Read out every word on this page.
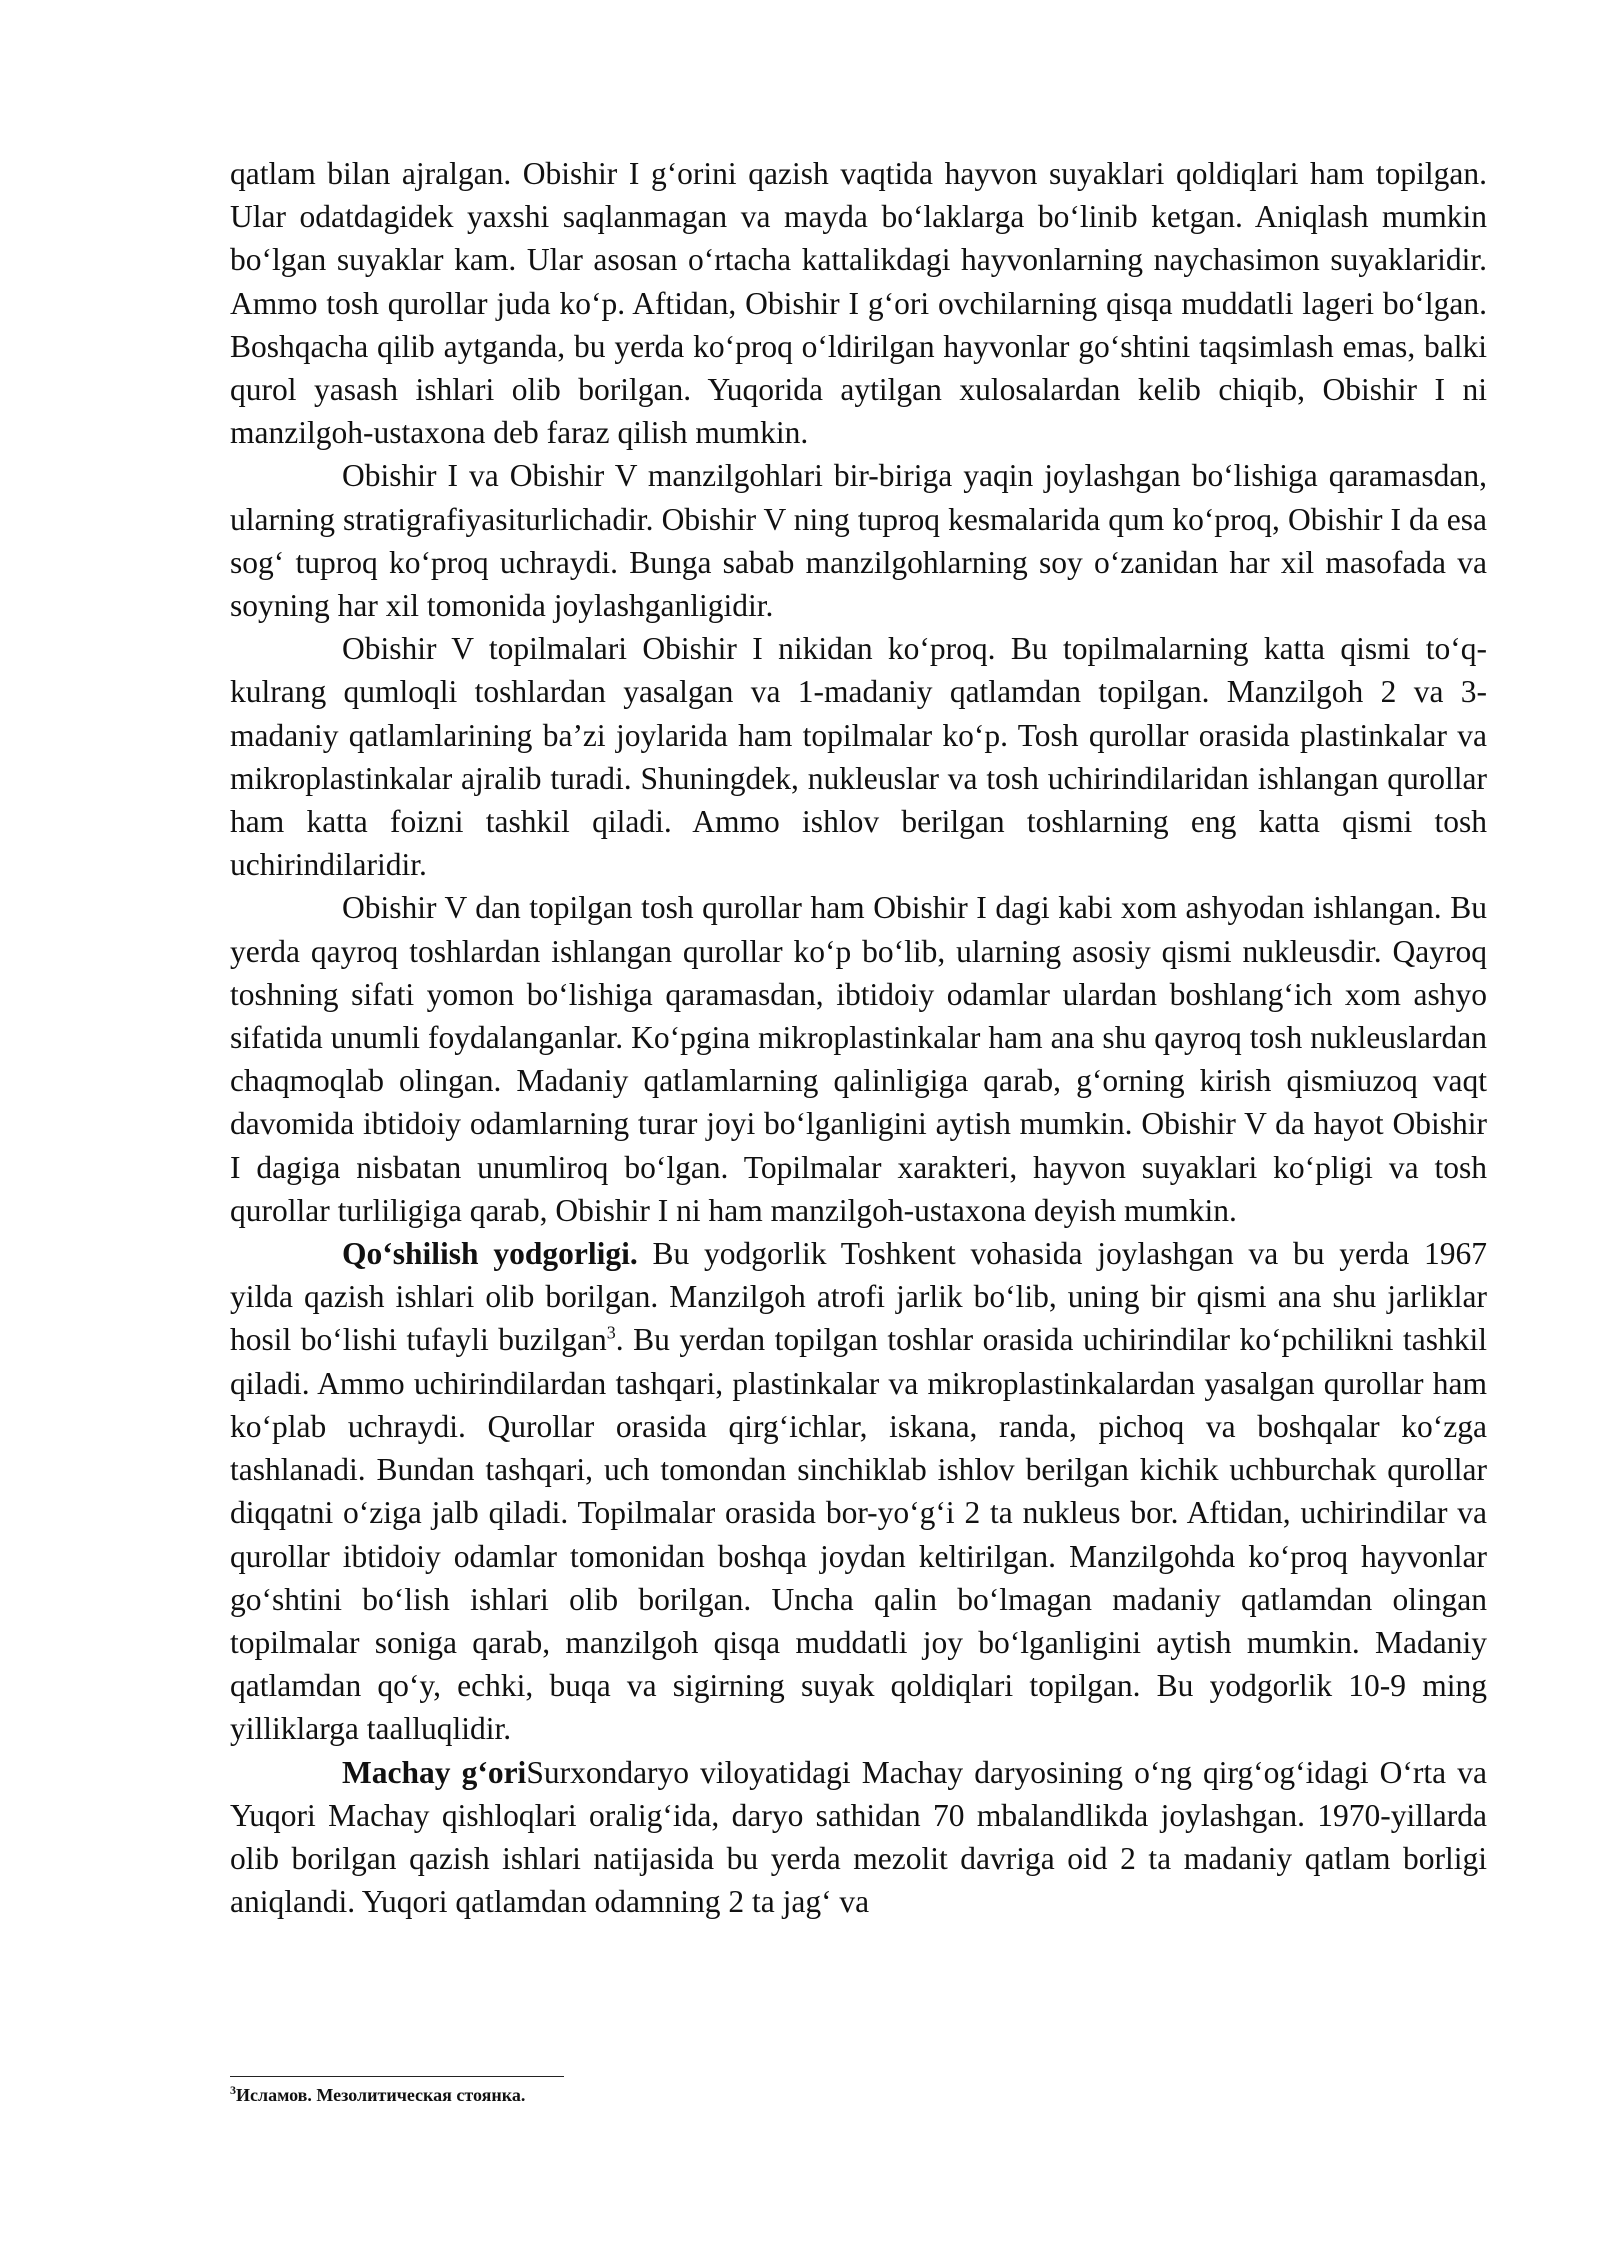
qatlam bilan ajralgan. Obishir I g‘orini qazish vaqtida hayvon suyaklari qoldiqlari ham topilgan. Ular odatdagidek yaxshi saqlanmagan va mayda bo‘laklarga bo‘linib ketgan. Aniqlash mumkin bo‘lgan suyaklar kam. Ular asosan o‘rtacha kattalikdagi hayvonlarning naychasimon suyaklaridir. Ammo tosh qurollar juda ko‘p. Aftidan, Obishir I g‘ori ovchilarning qisqa muddatli lageri bo‘lgan. Boshqacha qilib aytganda, bu yerda ko‘proq o‘ldirilgan hayvonlar go‘shtini taqsimlash emas, balki qurol yasash ishlari olib borilgan. Yuqorida aytilgan xulosalardan kelib chiqib, Obishir I ni manzilgoh-ustaxona deb faraz qilish mumkin.

Obishir I va Obishir V manzilgohlari bir-biriga yaqin joylashgan bo‘lishiga qaramasdan, ularning stratigrafiyasiturlichadir. Obishir V ning tuproq kesmalarida qum ko‘proq, Obishir I da esa sog‘ tuproq ko‘proq uchraydi. Bunga sabab manzilgohlarning soy o‘zanidan har xil masofada va soyning har xil tomonida joylashganligidir.

Obishir V topilmalari Obishir I nikidan ko‘proq. Bu topilmalarning katta qismi to‘q-kulrang qumloqli toshlardan yasalgan va 1-madaniy qatlamdan topilgan. Manzilgoh 2 va 3-madaniy qatlamlarining ba’zi joylarida ham topilmalar ko‘p. Tosh qurollar orasida plastinkalar va mikroplastinkalar ajralib turadi. Shuningdek, nukleuslar va tosh uchirindilaridan ishlangan qurollar ham katta foizni tashkil qiladi. Ammo ishlov berilgan toshlarning eng katta qismi tosh uchirindilaridir.

Obishir V dan topilgan tosh qurollar ham Obishir I dagi kabi xom ashyodan ishlangan. Bu yerda qayroq toshlardan ishlangan qurollar ko‘p bo‘lib, ularning asosiy qismi nukleusdir. Qayroq toshning sifati yomon bo‘lishiga qaramasdan, ibtidoiy odamlar ulardan boshlang‘ich xom ashyo sifatida unumli foydalanganlar. Ko‘pgina mikroplastinkalar ham ana shu qayroq tosh nukleuslardan chaqmoqlab olingan. Madaniy qatlamlarning qalinligiga qarab, g‘orning kirish qismiuzoq vaqt davomida ibtidoiy odamlarning turar joyi bo‘lganligini aytish mumkin. Obishir V da hayot Obishir I dagiga nisbatan unumliroq bo‘lgan. Topilmalar xarakteri, hayvon suyaklari ko‘pligi va tosh qurollar turliligiga qarab, Obishir I ni ham manzilgoh-ustaxona deyish mumkin.

Qo‘shilish yodgorligi. Bu yodgorlik Toshkent vohasida joylashgan va bu yerda 1967 yilda qazish ishlari olib borilgan. Manzilgoh atrofi jarlik bo‘lib, uning bir qismi ana shu jarliklar hosil bo‘lishi tufayli buzilgan$^3$. Bu yerdan topilgan toshlar orasida uchirindilar ko‘pchilikni tashkil qiladi. Ammo uchirindilardan tashqari, plastinkalar va mikroplastinkalardan yasalgan qurollar ham ko‘plab uchraydi. Qurollar orasida qirg‘ichlar, iskana, randa, pichoq va boshqalar ko‘zga tashlanadi. Bundan tashqari, uch tomondan sinchiklab ishlov berilgan kichik uchburchak qurollar diqqatni o‘ziga jalb qiladi. Topilmalar orasida bor-yo‘g‘i 2 ta nukleus bor. Aftidan, uchirindilar va qurollar ibtidoiy odamlar tomonidan boshqa joydan keltirilgan. Manzilgohda ko‘proq hayvonlar go‘shtini bo‘lish ishlari olib borilgan. Uncha qalin bo‘lmagan madaniy qatlamdan olingan topilmalar soniga qarab, manzilgoh qisqa muddatli joy bo‘lganligini aytish mumkin. Madaniy qatlamdan qo‘y, echki, buqa va sigirning suyak qoldiqlari topilgan. Bu yodgorlik 10-9 ming yilliklarga taalluqlidir.

Machay g‘oriSurxondaryo viloyatidagi Machay daryosining o‘ng qirg‘og‘idagi O‘rta va Yuqori Machay qishloqlari oralig‘ida, daryo sathidan 70 mbalandlikda joylashgan. 1970-yillarda olib borilgan qazish ishlari natijasida bu yerda mezolit davriga oid 2 ta madaniy qatlam borligi aniqlandi. Yuqori qatlamdan odamning 2 ta jag‘ va

$^3$Исламов. Мезолитическая стоянка.
